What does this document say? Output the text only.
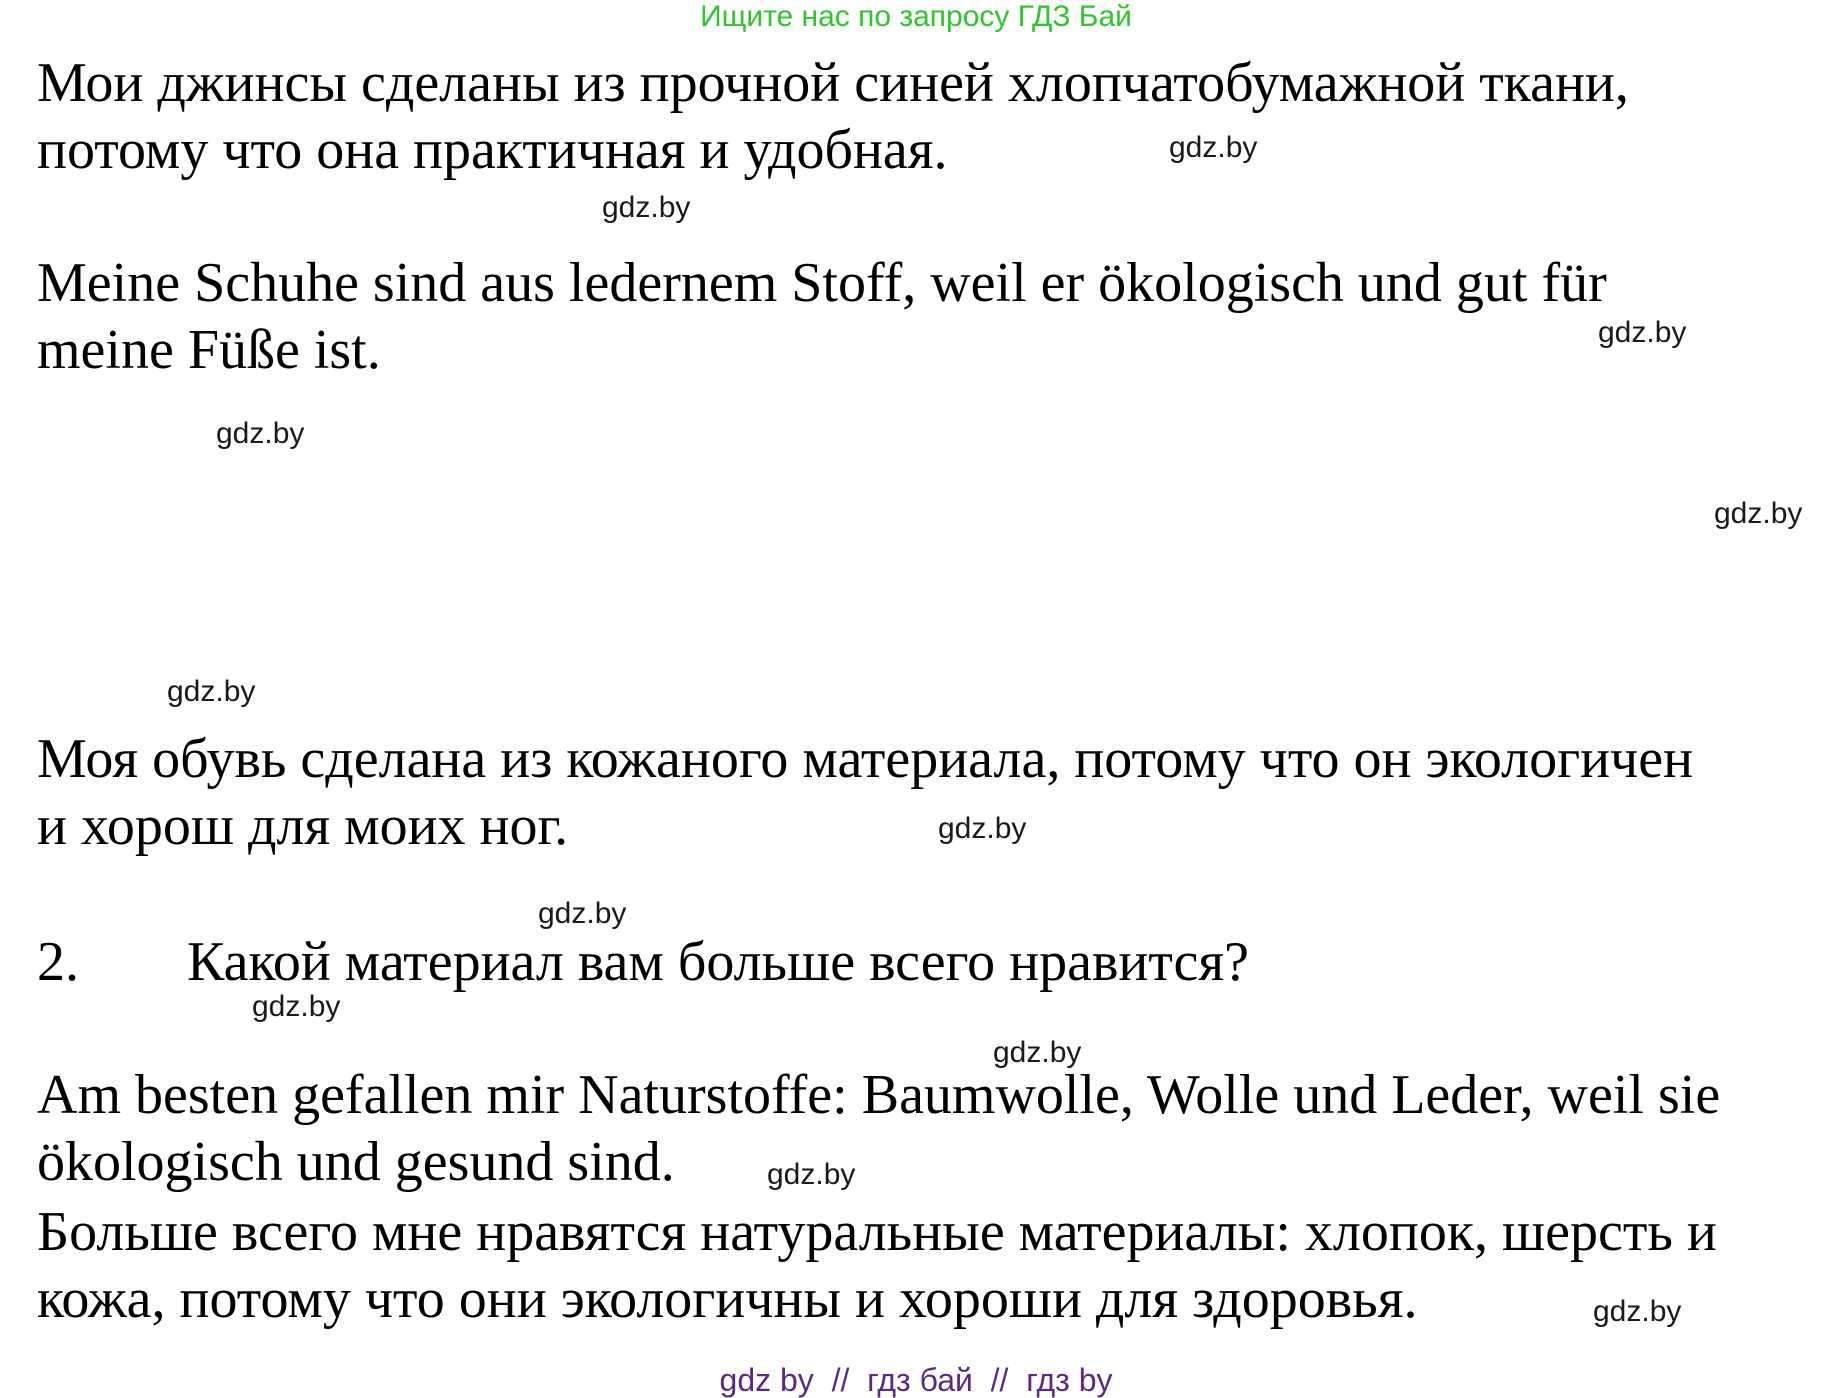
Ищите нас по запросу ГДЗ Бай
Мои джинсы сделаны из прочной синей хлопчатобумажной ткани,
потому что она практичная и удобная.
Meine Schuhe sind aus ledernem Stoff, weil er ökologisch und gut für
meine Füße ist.
Моя обувь сделана из кожаного материала, потому что он экологичен
и хорош для моих ног.
2. Какой материал вам больше всего нравится?
Am besten gefallen mir Naturstoffe: Baumwolle, Wolle und Leder, weil sie
ökologisch und gesund sind.
Больше всего мне нравятся натуральные материалы: хлопок, шерсть и
кожа, потому что они экологичны и хороши для здоровья.
gdz.by
gdz.by
gdz.by
gdz.by
gdz.by
gdz.by
gdz.by
gdz.by
gdz.by
gdz.by
gdz.by
gdz.by
gdz by  //  гдз бай  //  гдз by
